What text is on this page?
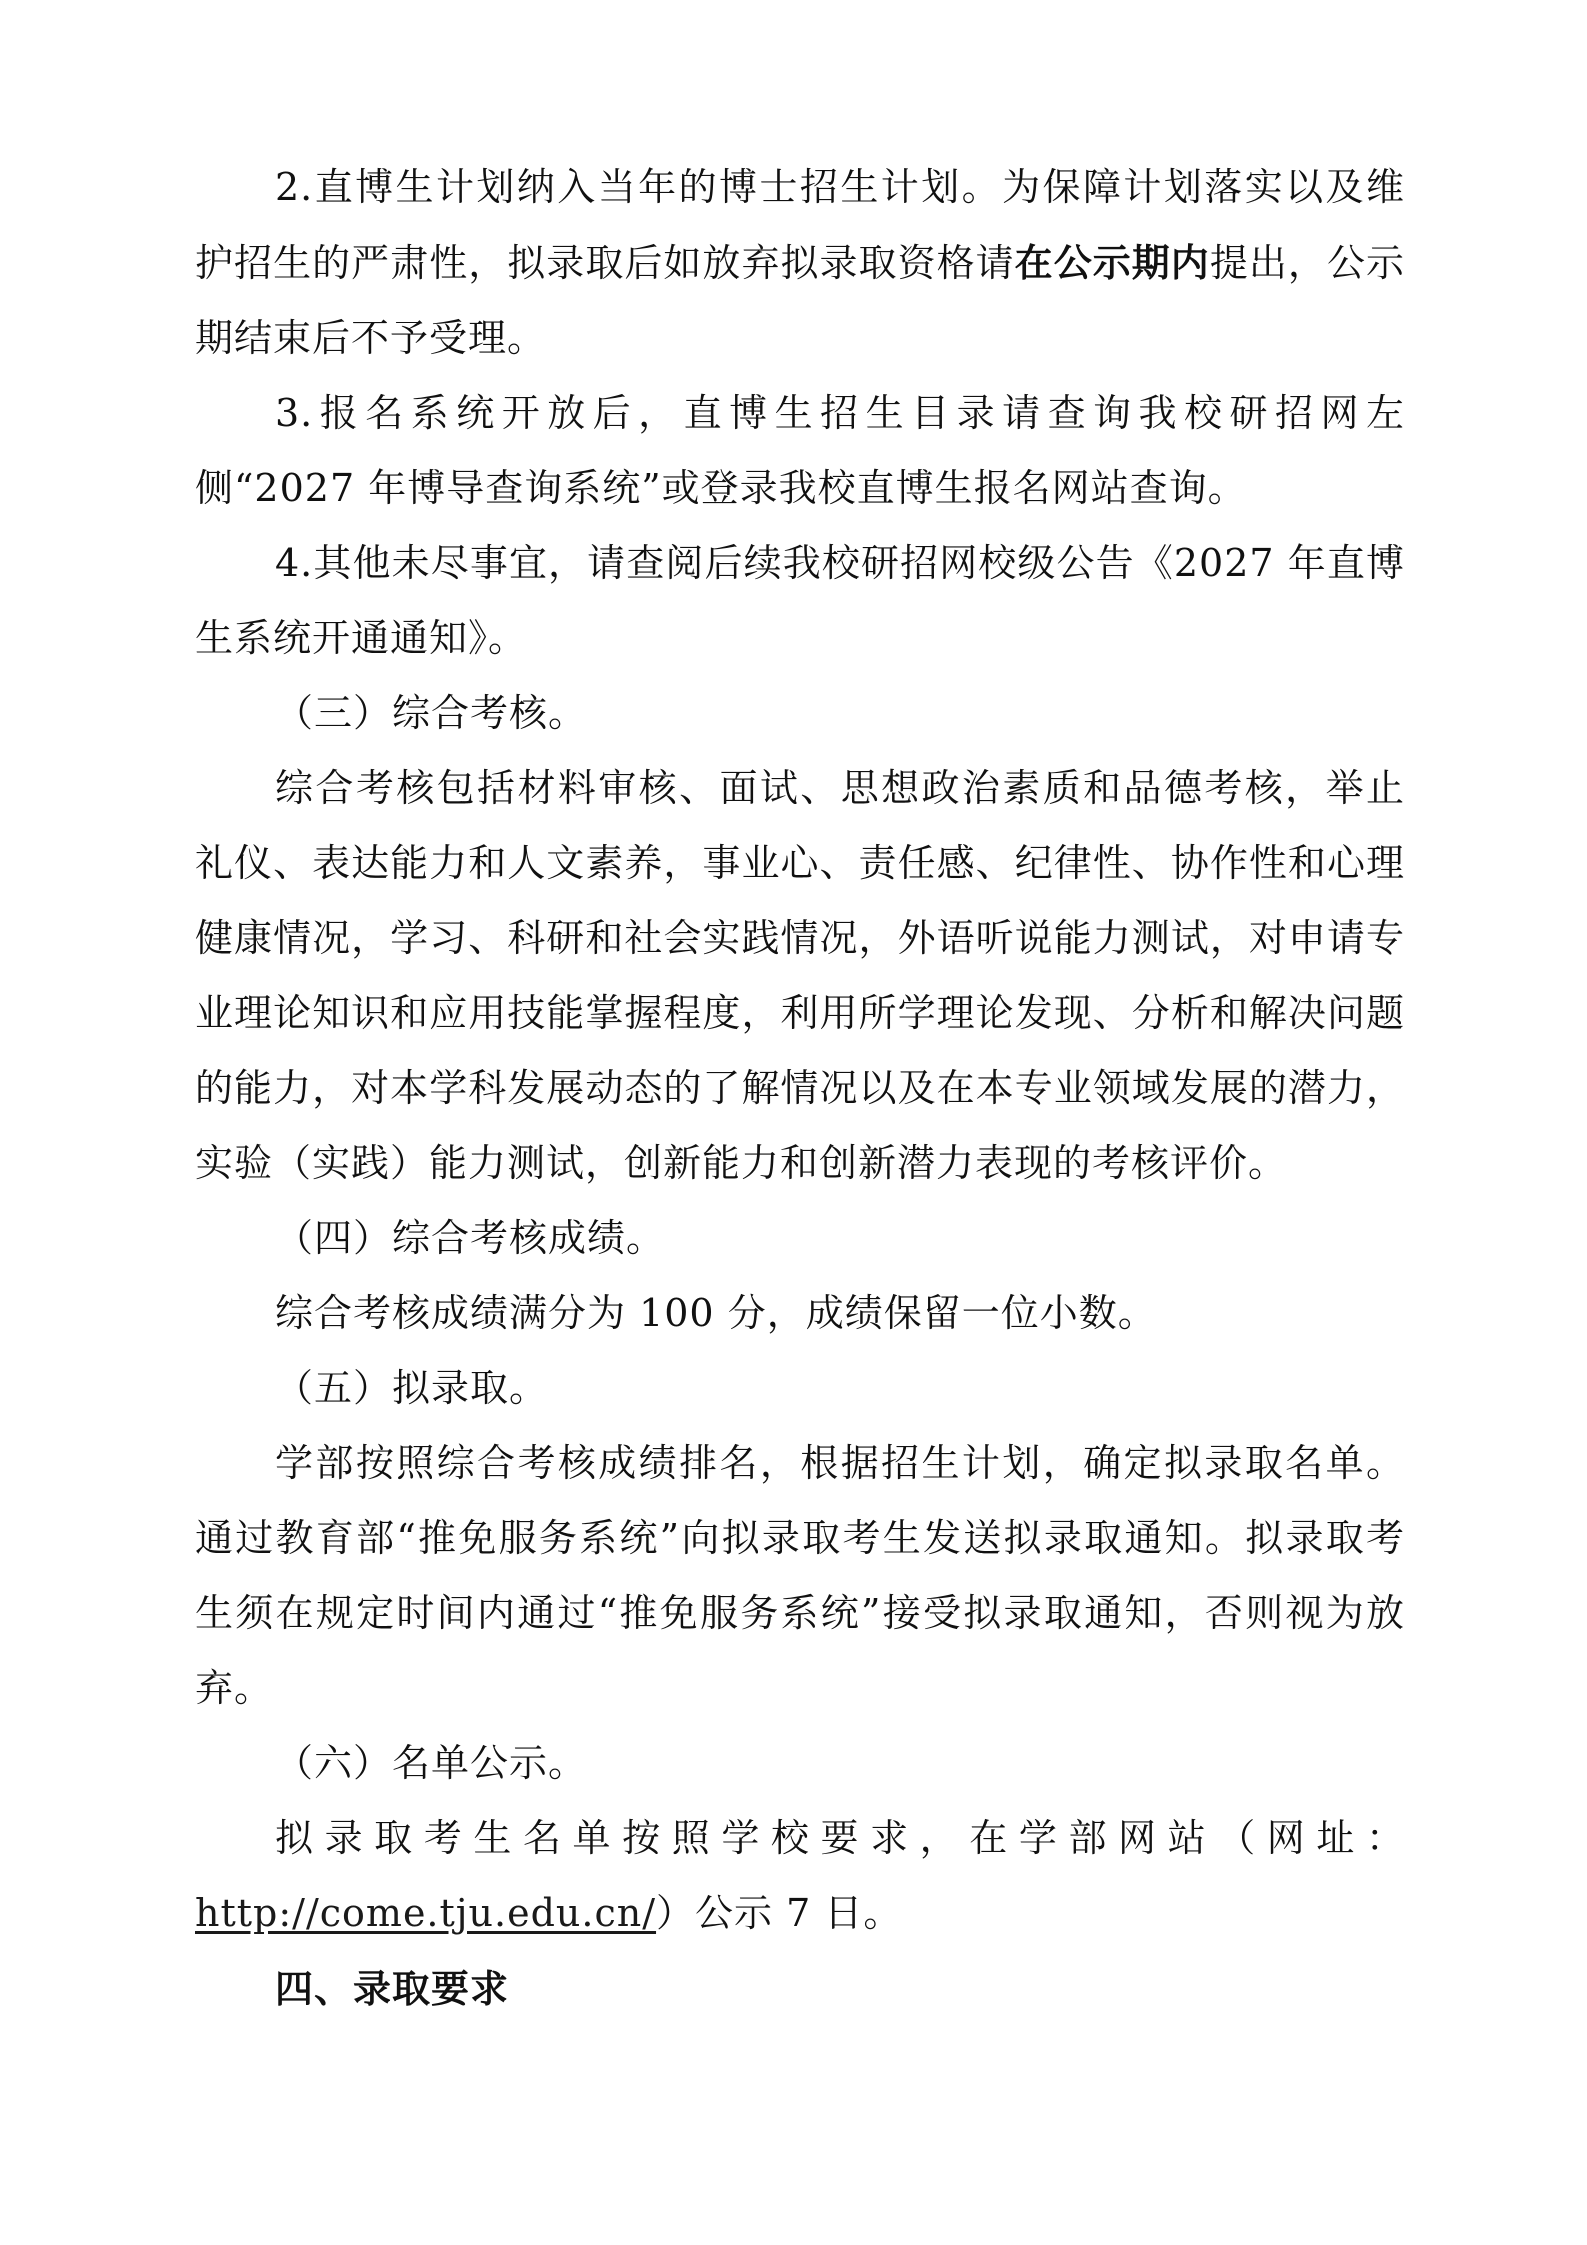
2.直博生计划纳入当年的博士招生计划。为保障计划落实以及维护招生的严肃性，拟录取后如放弃拟录取资格请在公示期内提出，公示期结束后不予受理。

3.报名系统开放后，直博生招生目录请查询我校研招网左侧“2027 年博导查询系统”或登录我校直博生报名网站查询。

4.其他未尽事宜，请查阅后续我校研招网校级公告《2027 年直博生系统开通通知》。

（三）综合考核。

综合考核包括材料审核、面试、思想政治素质和品德考核，举止礼仪、表达能力和人文素养，事业心、责任感、纪律性、协作性和心理健康情况，学习、科研和社会实践情况，外语听说能力测试，对申请专业理论知识和应用技能掌握程度，利用所学理论发现、分析和解决问题的能力，对本学科发展动态的了解情况以及在本专业领域发展的潜力，实验（实践）能力测试，创新能力和创新潜力表现的考核评价。

（四）综合考核成绩。

综合考核成绩满分为 100 分，成绩保留一位小数。

（五）拟录取。

学部按照综合考核成绩排名，根据招生计划，确定拟录取名单。通过教育部“推免服务系统”向拟录取考生发送拟录取通知。拟录取考生须在规定时间内通过“推免服务系统”接受拟录取通知，否则视为放弃。

（六）名单公示。

拟录取考生名单按照学校要求，在学部网站（网址：http://come.tju.edu.cn/）公示 7 日。

四、录取要求
